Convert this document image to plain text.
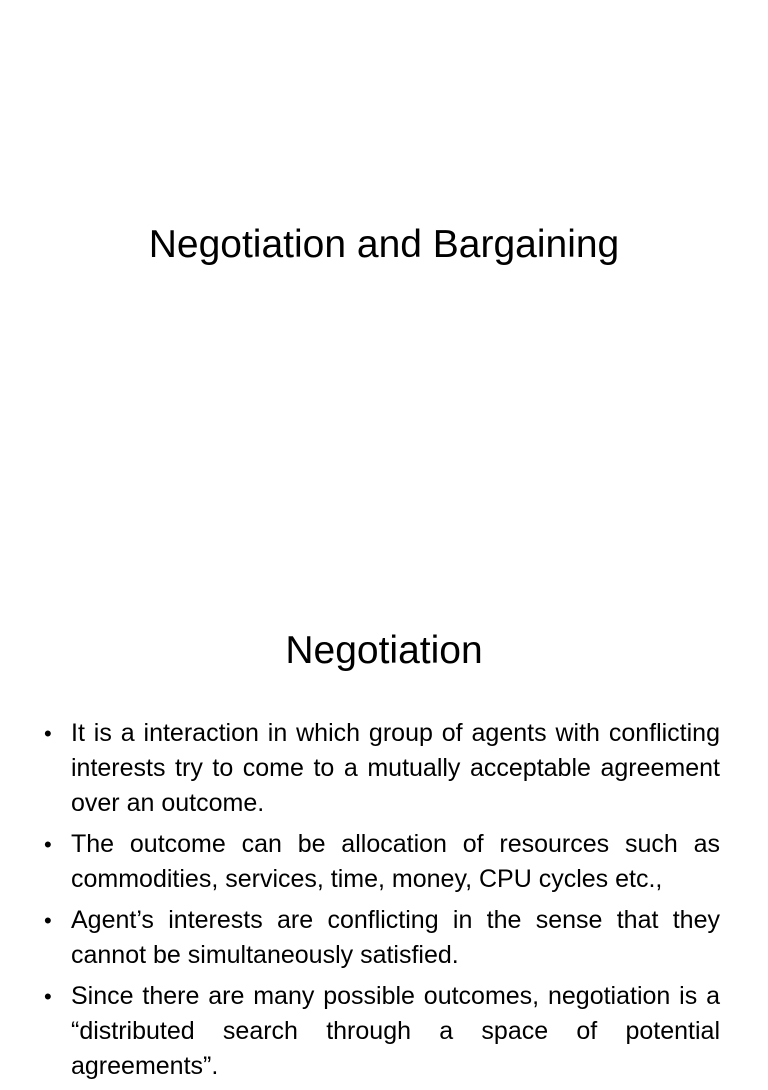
Negotiation and Bargaining
Negotiation
• It is a interaction in which group of agents with conflicting interests try to come to a mutually acceptable agreement over an outcome.
• The outcome can be allocation of resources such as commodities, services, time, money, CPU cycles etc.,
• Agent’s interests are conflicting in the sense that they cannot be simultaneously satisfied.
• Since there are many possible outcomes, negotiation is a “distributed search through a space of potential agreements”.
